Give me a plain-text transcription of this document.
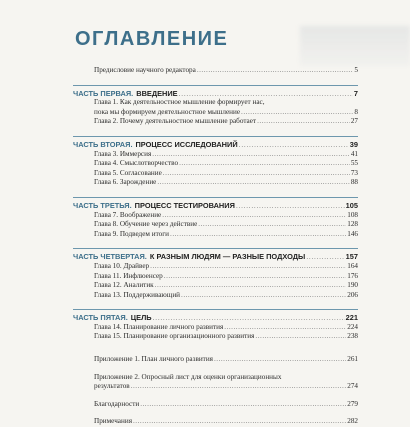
ОГЛАВЛЕНИЕ
Предисловие научного редактора .....	5
ЧАСТЬ ПЕРВАЯ. ВВЕДЕНИЕ .....	7
Глава 1. Как деятельностное мышление формирует нас,
пока мы формируем деятельностное мышление .....	8
Глава 2. Почему деятельностное мышление работает .....	27
ЧАСТЬ ВТОРАЯ. ПРОЦЕСС ИССЛЕДОВАНИЙ .....	39
Глава 3. Иммерсия .....	41
Глава 4. Смыслотворчество .....	55
Глава 5. Согласование .....	73
Глава 6. Зарождение .....	88
ЧАСТЬ ТРЕТЬЯ. ПРОЦЕСС ТЕСТИРОВАНИЯ .....	105
Глава 7. Воображение .....	108
Глава 8. Обучение через действие .....	128
Глава 9. Подведем итоги .....	146
ЧАСТЬ ЧЕТВЕРТАЯ. К РАЗНЫМ ЛЮДЯМ — РАЗНЫЕ ПОДХОДЫ .....	157
Глава 10. Драйвер .....	164
Глава 11. Инфлюенсер .....	176
Глава 12. Аналитик .....	190
Глава 13. Поддерживающий .....	206
ЧАСТЬ ПЯТАЯ. ЦЕЛЬ .....	221
Глава 14. Планирование личного развития .....	224
Глава 15. Планирование организационного развития .....	238
Приложение 1. План личного развития .....	261
Приложение 2. Опросный лист для оценки организационных
результатов .....	274
Благодарности .....	279
Примечания .....	282
